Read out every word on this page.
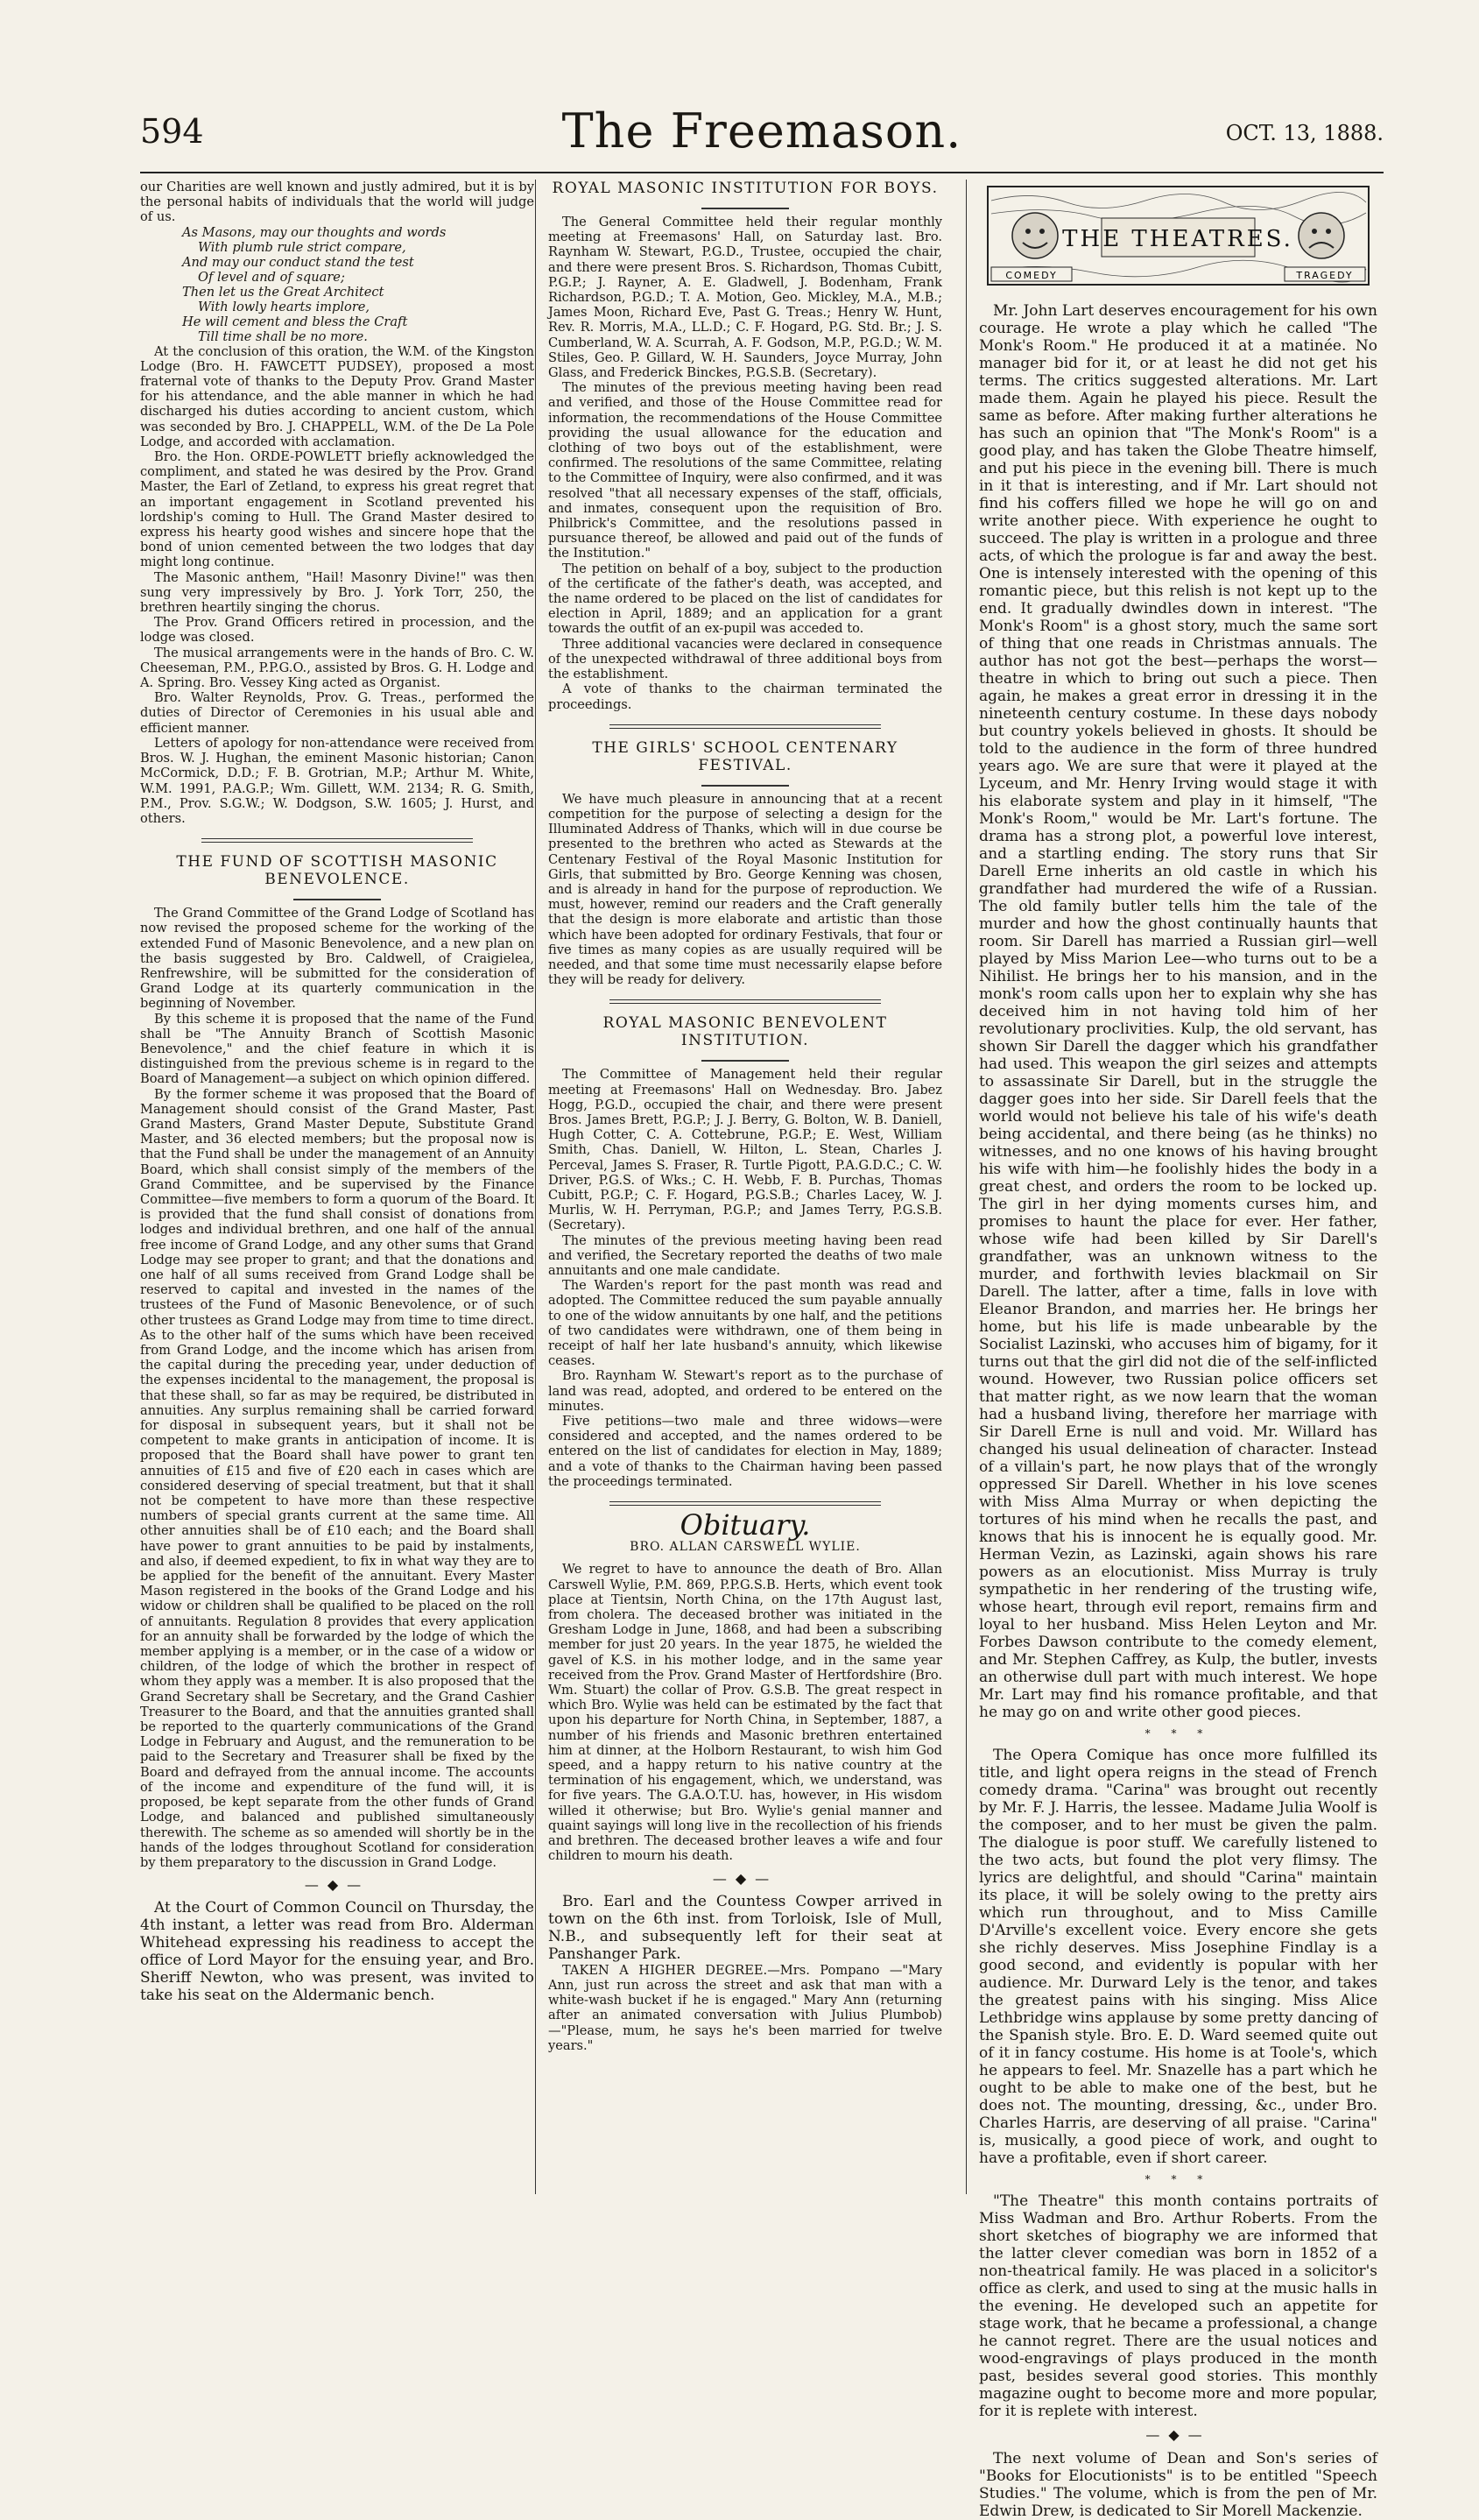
594	The Freemason.	OCT. 13, 1888.

our Charities are well known and justly admired, but it is by the personal habits of individuals that the world will judge of us.

As Masons, may our thoughts and words
With plumb rule strict compare,
And may our conduct stand the test
Of level and of square;
Then let us the Great Architect
With lowly hearts implore,
He will cement and bless the Craft
Till time shall be no more.

At the conclusion of this oration, the W.M. of the Kingston Lodge (Bro. H. FAWCETT PUDSEY), proposed a most fraternal vote of thanks to the Deputy Prov. Grand Master for his attendance, and the able manner in which he had discharged his duties according to ancient custom, which was seconded by Bro. J. CHAPPELL, W.M. of the De La Pole Lodge, and accorded with acclamation.

Bro. the Hon. ORDE-POWLETT briefly acknowledged the compliment, and stated he was desired by the Prov. Grand Master, the Earl of Zetland, to express his great regret that an important engagement in Scotland prevented his lordship's coming to Hull. The Grand Master desired to express his hearty good wishes and sincere hope that the bond of union cemented between the two lodges that day might long continue.

The Masonic anthem, "Hail! Masonry Divine!" was then sung very impressively by Bro. J. York Torr, 250, the brethren heartily singing the chorus.

The Prov. Grand Officers retired in procession, and the lodge was closed.

The musical arrangements were in the hands of Bro. C. W. Cheeseman, P.M., P.P.G.O., assisted by Bros. G. H. Lodge and A. Spring. Bro. Vessey King acted as Organist.

Bro. Walter Reynolds, Prov. G. Treas., performed the duties of Director of Ceremonies in his usual able and efficient manner.

Letters of apology for non-attendance were received from Bros. W. J. Hughan, the eminent Masonic historian; Canon McCormick, D.D.; F. B. Grotrian, M.P.; Arthur M. White, W.M. 1991, P.A.G.P.; Wm. Gillett, W.M. 2134; R. G. Smith, P.M., Prov. S.G.W.; W. Dodgson, S.W. 1605; J. Hurst, and others.

THE FUND OF SCOTTISH MASONIC BENEVOLENCE.

The Grand Committee of the Grand Lodge of Scotland has now revised the proposed scheme for the working of the extended Fund of Masonic Benevolence, and a new plan on the basis suggested by Bro. Caldwell, of Craigielea, Renfrewshire, will be submitted for the consideration of Grand Lodge at its quarterly communication in the beginning of November.

By this scheme it is proposed that the name of the Fund shall be "The Annuity Branch of Scottish Masonic Benevolence," and the chief feature in which it is distinguished from the previous scheme is in regard to the Board of Management—a subject on which opinion differed.

By the former scheme it was proposed that the Board of Management should consist of the Grand Master, Past Grand Masters, Grand Master Depute, Substitute Grand Master, and 36 elected members; but the proposal now is that the Fund shall be under the management of an Annuity Board, which shall consist simply of the members of the Grand Committee, and be supervised by the Finance Committee—five members to form a quorum of the Board. It is provided that the fund shall consist of donations from lodges and individual brethren, and one half of the annual free income of Grand Lodge, and any other sums that Grand Lodge may see proper to grant; and that the donations and one half of all sums received from Grand Lodge shall be reserved to capital and invested in the names of the trustees of the Fund of Masonic Benevolence, or of such other trustees as Grand Lodge may from time to time direct. As to the other half of the sums which have been received from Grand Lodge, and the income which has arisen from the capital during the preceding year, under deduction of the expenses incidental to the management, the proposal is that these shall, so far as may be required, be distributed in annuities. Any surplus remaining shall be carried forward for disposal in subsequent years, but it shall not be competent to make grants in anticipation of income. It is proposed that the Board shall have power to grant ten annuities of £15 and five of £20 each in cases which are considered deserving of special treatment, but that it shall not be competent to have more than these respective numbers of special grants current at the same time. All other annuities shall be of £10 each; and the Board shall have power to grant annuities to be paid by instalments, and also, if deemed expedient, to fix in what way they are to be applied for the benefit of the annuitant. Every Master Mason registered in the books of the Grand Lodge and his widow or children shall be qualified to be placed on the roll of annuitants. Regulation 8 provides that every application for an annuity shall be forwarded by the lodge of which the member applying is a member, or in the case of a widow or children, of the lodge of which the brother in respect of whom they apply was a member. It is also proposed that the Grand Secretary shall be Secretary, and the Grand Cashier Treasurer to the Board, and that the annuities granted shall be reported to the quarterly communications of the Grand Lodge in February and August, and the remuneration to be paid to the Secretary and Treasurer shall be fixed by the Board and defrayed from the annual income. The accounts of the income and expenditure of the fund will, it is proposed, be kept separate from the other funds of Grand Lodge, and balanced and published simultaneously therewith. The scheme as so amended will shortly be in the hands of the lodges throughout Scotland for consideration by them preparatory to the discussion in Grand Lodge.

—◆—

At the Court of Common Council on Thursday, the 4th instant, a letter was read from Bro. Alderman Whitehead expressing his readiness to accept the office of Lord Mayor for the ensuing year, and Bro. Sheriff Newton, who was present, was invited to take his seat on the Aldermanic bench.

ROYAL MASONIC INSTITUTION FOR BOYS.

The General Committee held their regular monthly meeting at Freemasons' Hall, on Saturday last. Bro. Raynham W. Stewart, P.G.D., Trustee, occupied the chair, and there were present Bros. S. Richardson, Thomas Cubitt, P.G.P.; J. Rayner, A. E. Gladwell, J. Bodenham, Frank Richardson, P.G.D.; T. A. Motion, Geo. Mickley, M.A., M.B.; James Moon, Richard Eve, Past G. Treas.; Henry W. Hunt, Rev. R. Morris, M.A., LL.D.; C. F. Hogard, P.G. Std. Br.; J. S. Cumberland, W. A. Scurrah, A. F. Godson, M.P., P.G.D.; W. M. Stiles, Geo. P. Gillard, W. H. Saunders, Joyce Murray, John Glass, and Frederick Binckes, P.G.S.B. (Secretary).

The minutes of the previous meeting having been read and verified, and those of the House Committee read for information, the recommendations of the House Committee providing the usual allowance for the education and clothing of two boys out of the establishment, were confirmed. The resolutions of the same Committee, relating to the Committee of Inquiry, were also confirmed, and it was resolved "that all necessary expenses of the staff, officials, and inmates, consequent upon the requisition of Bro. Philbrick's Committee, and the resolutions passed in pursuance thereof, be allowed and paid out of the funds of the Institution."

The petition on behalf of a boy, subject to the production of the certificate of the father's death, was accepted, and the name ordered to be placed on the list of candidates for election in April, 1889; and an application for a grant towards the outfit of an ex-pupil was acceded to.

Three additional vacancies were declared in consequence of the unexpected withdrawal of three additional boys from the establishment.

A vote of thanks to the chairman terminated the proceedings.

THE GIRLS' SCHOOL CENTENARY FESTIVAL.

We have much pleasure in announcing that at a recent competition for the purpose of selecting a design for the Illuminated Address of Thanks, which will in due course be presented to the brethren who acted as Stewards at the Centenary Festival of the Royal Masonic Institution for Girls, that submitted by Bro. George Kenning was chosen, and is already in hand for the purpose of reproduction. We must, however, remind our readers and the Craft generally that the design is more elaborate and artistic than those which have been adopted for ordinary Festivals, that four or five times as many copies as are usually required will be needed, and that some time must necessarily elapse before they will be ready for delivery.

ROYAL MASONIC BENEVOLENT INSTITUTION.

The Committee of Management held their regular meeting at Freemasons' Hall on Wednesday. Bro. Jabez Hogg, P.G.D., occupied the chair, and there were present Bros. James Brett, P.G.P.; J. J. Berry, G. Bolton, W. B. Daniell, Hugh Cotter, C. A. Cottebrune, P.G.P.; E. West, William Smith, Chas. Daniell, W. Hilton, L. Stean, Charles J. Perceval, James S. Fraser, R. Turtle Pigott, P.A.G.D.C.; C. W. Driver, P.G.S. of Wks.; C. H. Webb, F. B. Purchas, Thomas Cubitt, P.G.P.; C. F. Hogard, P.G.S.B.; Charles Lacey, W. J. Murlis, W. H. Perryman, P.G.P.; and James Terry, P.G.S.B. (Secretary).

The minutes of the previous meeting having been read and verified, the Secretary reported the deaths of two male annuitants and one male candidate.

The Warden's report for the past month was read and adopted. The Committee reduced the sum payable annually to one of the widow annuitants by one half, and the petitions of two candidates were withdrawn, one of them being in receipt of half her late husband's annuity, which likewise ceases.

Bro. Raynham W. Stewart's report as to the purchase of land was read, adopted, and ordered to be entered on the minutes.

Five petitions—two male and three widows—were considered and accepted, and the names ordered to be entered on the list of candidates for election in May, 1889; and a vote of thanks to the Chairman having been passed the proceedings terminated.

Obituary.
BRO. ALLAN CARSWELL WYLIE.

We regret to have to announce the death of Bro. Allan Carswell Wylie, P.M. 869, P.P.G.S.B. Herts, which event took place at Tientsin, North China, on the 17th August last, from cholera. The deceased brother was initiated in the Gresham Lodge in June, 1868, and had been a subscribing member for just 20 years. In the year 1875, he wielded the gavel of K.S. in his mother lodge, and in the same year received from the Prov. Grand Master of Hertfordshire (Bro. Wm. Stuart) the collar of Prov. G.S.B. The great respect in which Bro. Wylie was held can be estimated by the fact that upon his departure for North China, in September, 1887, a number of his friends and Masonic brethren entertained him at dinner, at the Holborn Restaurant, to wish him God speed, and a happy return to his native country at the termination of his engagement, which, we understand, was for five years. The G.A.O.T.U. has, however, in His wisdom willed it otherwise; but Bro. Wylie's genial manner and quaint sayings will long live in the recollection of his friends and brethren. The deceased brother leaves a wife and four children to mourn his death.

—◆—

Bro. Earl and the Countess Cowper arrived in town on the 6th inst. from Torloisk, Isle of Mull, N.B., and subsequently left for their seat at Panshanger Park.

TAKEN A HIGHER DEGREE.—Mrs. Pompano —"Mary Ann, just run across the street and ask that man with a white-wash bucket if he is engaged." Mary Ann (returning after an animated conversation with Julius Plumbob)—"Please, mum, he says he's been married for twelve years."

THE THEATRES.
COMEDY	TRAGEDY

Mr. John Lart deserves encouragement for his own courage. He wrote a play which he called "The Monk's Room." He produced it at a matinée. No manager bid for it, or at least he did not get his terms. The critics suggested alterations. Mr. Lart made them. Again he played his piece. Result the same as before. After making further alterations he has such an opinion that "The Monk's Room" is a good play, and has taken the Globe Theatre himself, and put his piece in the evening bill. There is much in it that is interesting, and if Mr. Lart should not find his coffers filled we hope he will go on and write another piece. With experience he ought to succeed. The play is written in a prologue and three acts, of which the prologue is far and away the best. One is intensely interested with the opening of this romantic piece, but this relish is not kept up to the end. It gradually dwindles down in interest. "The Monk's Room" is a ghost story, much the same sort of thing that one reads in Christmas annuals. The author has not got the best—perhaps the worst—theatre in which to bring out such a piece. Then again, he makes a great error in dressing it in the nineteenth century costume. In these days nobody but country yokels believed in ghosts. It should be told to the audience in the form of three hundred years ago. We are sure that were it played at the Lyceum, and Mr. Henry Irving would stage it with his elaborate system and play in it himself, "The Monk's Room," would be Mr. Lart's fortune. The drama has a strong plot, a powerful love interest, and a startling ending. The story runs that Sir Darell Erne inherits an old castle in which his grandfather had murdered the wife of a Russian. The old family butler tells him the tale of the murder and how the ghost continually haunts that room. Sir Darell has married a Russian girl—well played by Miss Marion Lee—who turns out to be a Nihilist. He brings her to his mansion, and in the monk's room calls upon her to explain why she has deceived him in not having told him of her revolutionary proclivities. Kulp, the old servant, has shown Sir Darell the dagger which his grandfather had used. This weapon the girl seizes and attempts to assassinate Sir Darell, but in the struggle the dagger goes into her side. Sir Darell feels that the world would not believe his tale of his wife's death being accidental, and there being (as he thinks) no witnesses, and no one knows of his having brought his wife with him—he foolishly hides the body in a great chest, and orders the room to be locked up. The girl in her dying moments curses him, and promises to haunt the place for ever. Her father, whose wife had been killed by Sir Darell's grandfather, was an unknown witness to the murder, and forthwith levies blackmail on Sir Darell. The latter, after a time, falls in love with Eleanor Brandon, and marries her. He brings her home, but his life is made unbearable by the Socialist Lazinski, who accuses him of bigamy, for it turns out that the girl did not die of the self-inflicted wound. However, two Russian police officers set that matter right, as we now learn that the woman had a husband living, therefore her marriage with Sir Darell Erne is null and void. Mr. Willard has changed his usual delineation of character. Instead of a villain's part, he now plays that of the wrongly oppressed Sir Darell. Whether in his love scenes with Miss Alma Murray or when depicting the tortures of his mind when he recalls the past, and knows that his is innocent he is equally good. Mr. Herman Vezin, as Lazinski, again shows his rare powers as an elocutionist. Miss Murray is truly sympathetic in her rendering of the trusting wife, whose heart, through evil report, remains firm and loyal to her husband. Miss Helen Leyton and Mr. Forbes Dawson contribute to the comedy element, and Mr. Stephen Caffrey, as Kulp, the butler, invests an otherwise dull part with much interest. We hope Mr. Lart may find his romance profitable, and that he may go on and write other good pieces.

* * *

The Opera Comique has once more fulfilled its title, and light opera reigns in the stead of French comedy drama. "Carina" was brought out recently by Mr. F. J. Harris, the lessee. Madame Julia Woolf is the composer, and to her must be given the palm. The dialogue is poor stuff. We carefully listened to the two acts, but found the plot very flimsy. The lyrics are delightful, and should "Carina" maintain its place, it will be solely owing to the pretty airs which run throughout, and to Miss Camille D'Arville's excellent voice. Every encore she gets she richly deserves. Miss Josephine Findlay is a good second, and evidently is popular with her audience. Mr. Durward Lely is the tenor, and takes the greatest pains with his singing. Miss Alice Lethbridge wins applause by some pretty dancing of the Spanish style. Bro. E. D. Ward seemed quite out of it in fancy costume. His home is at Toole's, which he appears to feel. Mr. Snazelle has a part which he ought to be able to make one of the best, but he does not. The mounting, dressing, &c., under Bro. Charles Harris, are deserving of all praise. "Carina" is, musically, a good piece of work, and ought to have a profitable, even if short career.

* * *

"The Theatre" this month contains portraits of Miss Wadman and Bro. Arthur Roberts. From the short sketches of biography we are informed that the latter clever comedian was born in 1852 of a non-theatrical family. He was placed in a solicitor's office as clerk, and used to sing at the music halls in the evening. He developed such an appetite for stage work, that he became a professional, a change he cannot regret. There are the usual notices and wood-engravings of plays produced in the month past, besides several good stories. This monthly magazine ought to become more and more popular, for it is replete with interest.

—◆—

The next volume of Dean and Son's series of "Books for Elocutionists" is to be entitled "Speech Studies." The volume, which is from the pen of Mr. Edwin Drew, is dedicated to Sir Morell Mackenzie.
